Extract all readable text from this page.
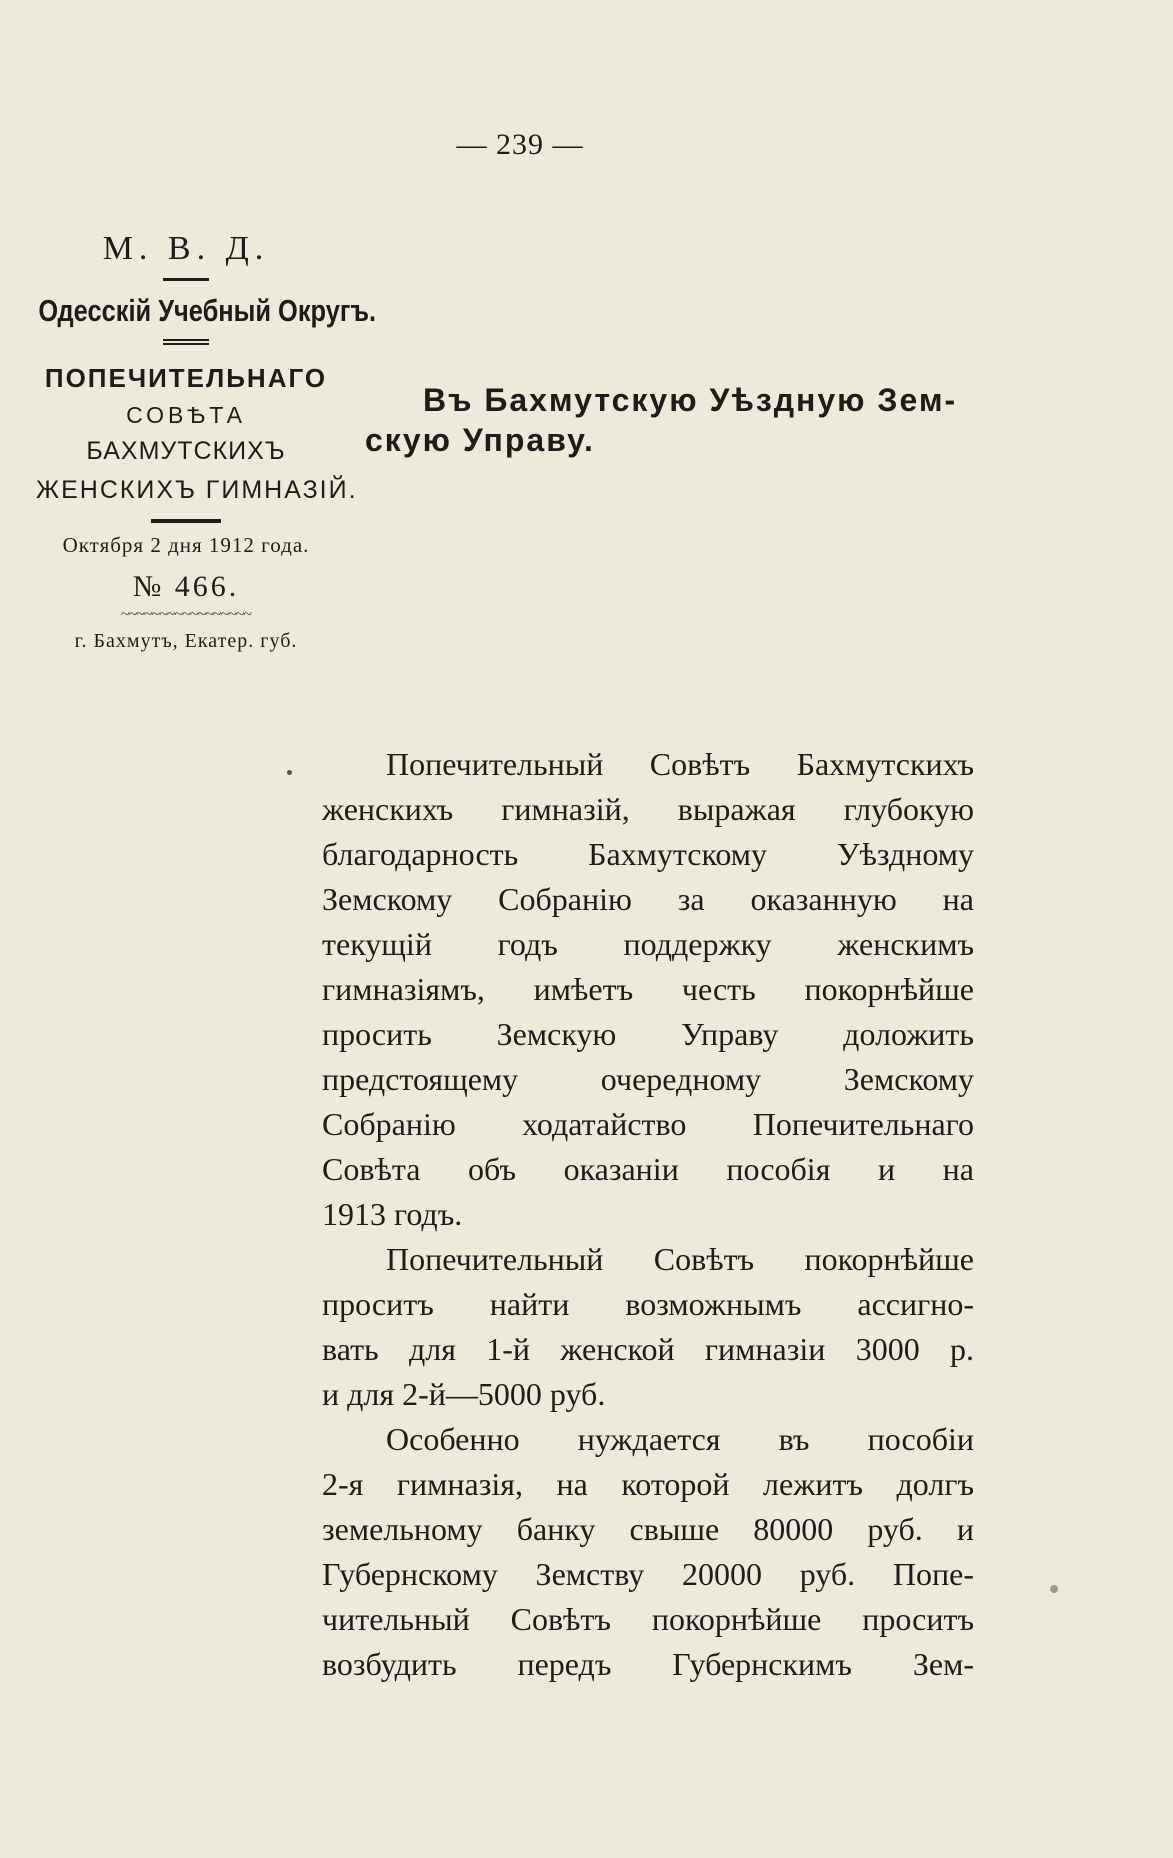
— 239 —
М. В. Д.
Одесскій Учебный Округъ.
ПОПЕЧИТЕЛЬНАГО
СОВѢТА
БАХМУТСКИХЪ
ЖЕНСКИХЪ ГИМНАЗІЙ.
Октября 2 дня 1912 года.
№ 466.
~~~~~~~~~~~~~~~~~
г. Бахмутъ, Екатер. губ.
Въ Бахмутскую Уѣздную Зем-
скую Управу.
Попечительный Совѣтъ Бахмутскихъ
женскихъ гимназій, выражая глубокую
благодарность Бахмутскому Уѣздному
Земскому Собранію за оказанную на
текущій годъ поддержку женскимъ
гимназіямъ, имѣетъ честь покорнѣйше
просить Земскую Управу доложить
предстоящему очередному Земскому
Собранію ходатайство Попечительнаго
Совѣта объ оказаніи пособія и на
1913 годъ.
Попечительный Совѣтъ покорнѣйше
проситъ найти возможнымъ ассигно-
вать для 1-й женской гимназіи 3000 р.
и для 2-й—5000 руб.
Особенно нуждается въ пособіи
2-я гимназія, на которой лежитъ долгъ
земельному банку свыше 80000 руб. и
Губернскому Земству 20000 руб. Попе-
чительный Совѣтъ покорнѣйше проситъ
возбудить передъ Губернскимъ Зем-
